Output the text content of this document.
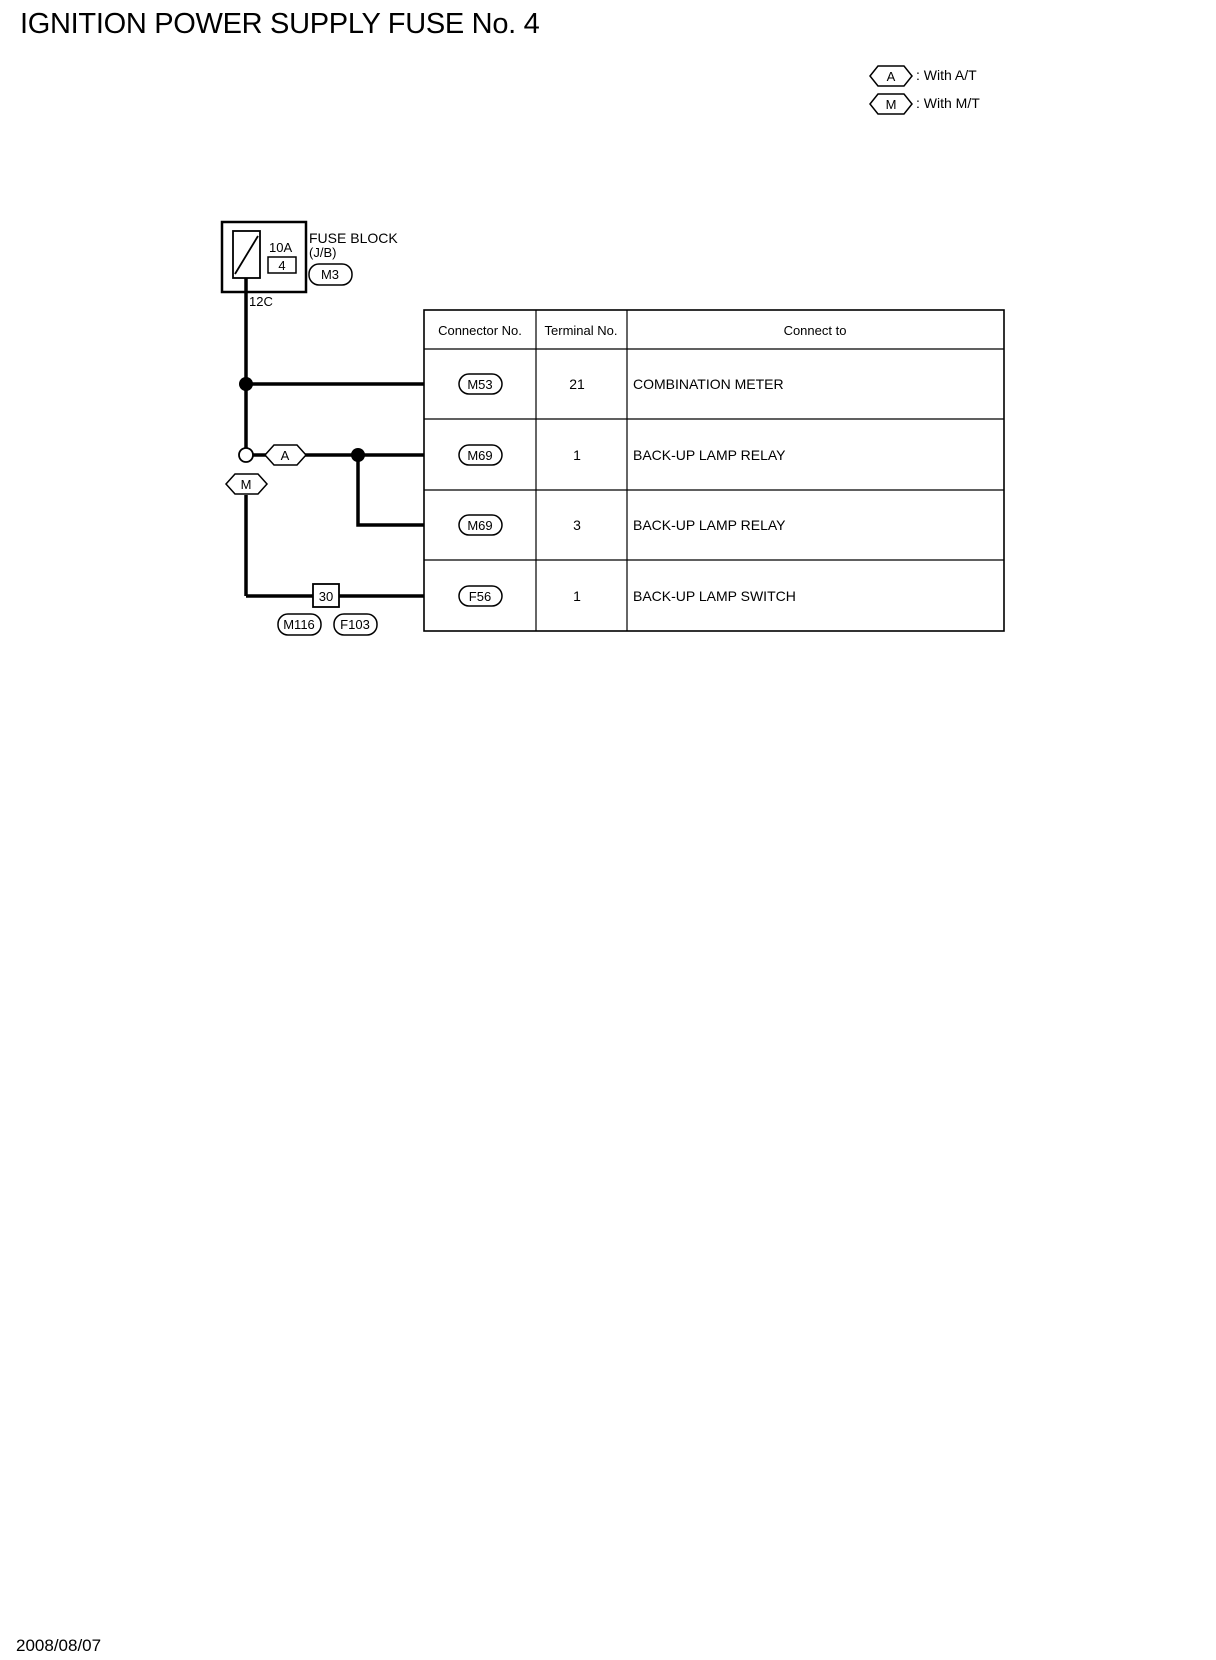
IGNITION POWER SUPPLY FUSE No. 4
A : With A/T
M : With M/T
10A
4
FUSE BLOCK
(J/B)
M3
12C
A
M
30
M116 F103
Connector No. Terminal No.	Connect to
M53	21	COMBINATION METER
M69	1	BACK-UP LAMP RELAY
M69	3	BACK-UP LAMP RELAY
F56	1	BACK-UP LAMP SWITCH
2008/08/07
